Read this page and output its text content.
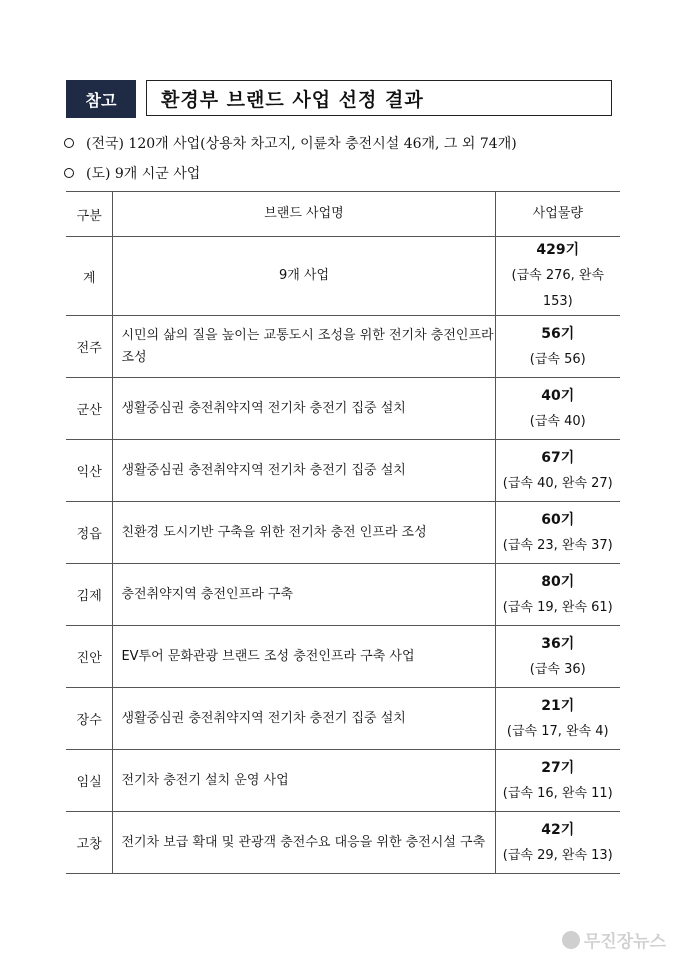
참고	환경부 브랜드 사업 선정 결과
(전국) 120개 사업(상용차 차고지, 이륜차 충전시설 46개, 그 외 74개)
(도) 9개 시군 사업
구분	브랜드 사업명	사업물량
계	9개 사업	429기
(급속 276, 완속 153)

전주	시민의 삶의 질을 높이는 교통도시 조성을 위한 전기차 충전인프라 조성	56기
(급속 56)

군산	생활중심권 충전취약지역 전기차 충전기 집중 설치	40기
(급속 40)

익산	생활중심권 충전취약지역 전기차 충전기 집중 설치	67기
(급속 40, 완속 27)

정읍	친환경 도시기반 구축을 위한 전기차 충전 인프라 조성	60기
(급속 23, 완속 37)

김제	충전취약지역 충전인프라 구축	80기
(급속 19, 완속 61)

진안	EV투어 문화관광 브랜드 조성 충전인프라 구축 사업	36기
(급속 36)

장수	생활중심권 충전취약지역 전기차 충전기 집중 설치	21기
(급속 17, 완속 4)

임실	전기차 충전기 설치 운영 사업	27기
(급속 16, 완속 11)

고창	전기차 보급 확대 및 관광객 충전수요 대응을 위한 충전시설 구축	42기
(급속 29, 완속 13)
무진장뉴스
